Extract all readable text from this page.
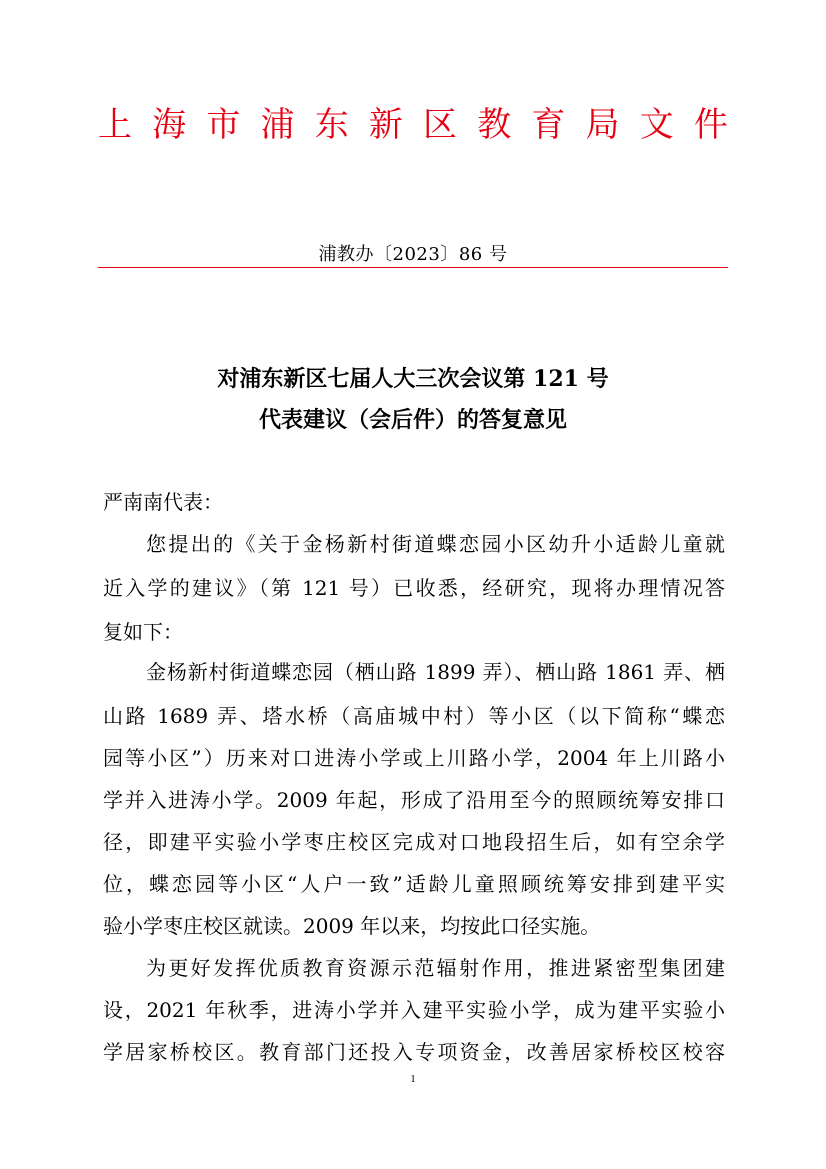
上 海 市 浦 东 新 区 教 育 局 文 件
浦教办〔2023〕86 号
对浦东新区七届人大三次会议第 121 号
代表建议（会后件）的答复意见
严南南代表：
您提出的《关于金杨新村街道蝶恋园小区幼升小适龄儿童就
近入学的建议》（第 121 号）已收悉，经研究，现将办理情况答
复如下：
金杨新村街道蝶恋园（栖山路 1899 弄）、栖山路 1861 弄、栖
山路 1689 弄、塔水桥（高庙城中村）等小区（以下简称“蝶恋
园等小区”）历来对口进涛小学或上川路小学，2004 年上川路小
学并入进涛小学。2009 年起，形成了沿用至今的照顾统筹安排口
径，即建平实验小学枣庄校区完成对口地段招生后，如有空余学
位，蝶恋园等小区“人户一致”适龄儿童照顾统筹安排到建平实
验小学枣庄校区就读。2009 年以来，均按此口径实施。
为更好发挥优质教育资源示范辐射作用，推进紧密型集团建
设，2021 年秋季，进涛小学并入建平实验小学，成为建平实验小
学居家桥校区。教育部门还投入专项资金，改善居家桥校区校容
1
